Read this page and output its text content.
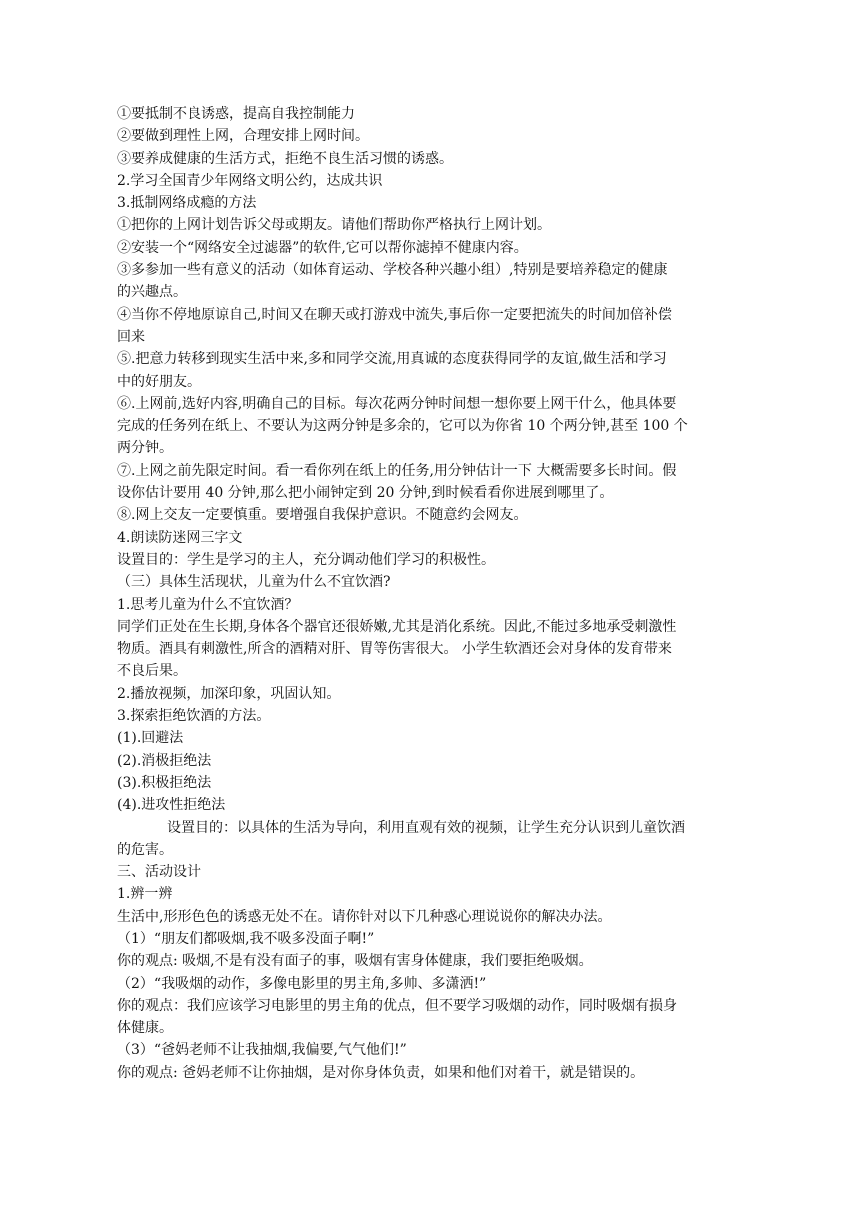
①要抵制不良诱惑，提高自我控制能力
②要做到理性上网，合理安排上网时间。
③要养成健康的生活方式，拒绝不良生活习惯的诱惑。
2.学习全国青少年网络文明公约，达成共识
3.抵制网络成瘾的方法
①把你的上网计划告诉父母或期友。请他们帮助你严格执行上网计划。
②安装一个“网络安全过滤器”的软件,它可以帮你滤掉不健康内容。
③多参加一些有意义的活动（如体育运动、学校各种兴趣小组）,特别是要培养稳定的健康
的兴趣点。
④当你不停地原谅自己,时间又在聊天或打游戏中流失,事后你一定要把流失的时间加倍补偿
回来
⑤.把意力转移到现实生活中来,多和同学交流,用真诚的态度获得同学的友谊,做生活和学习
中的好朋友。
⑥.上网前,选好内容,明确自己的目标。每次花两分钟时间想一想你要上网干什么，他具体要
完成的任务列在纸上、不要认为这两分钟是多余的，它可以为你省 10 个两分钟,甚至 100 个
两分钟。
⑦.上网之前先限定时间。看一看你列在纸上的任务,用分钟估计一下 大概需要多长时间。假
设你估计要用 40 分钟,那么把小闹钟定到 20 分钟,到时候看看你进展到哪里了。
⑧.网上交友一定要慎重。要增强自我保护意识。不随意约会网友。
4.朗读防迷网三字文
设置目的：学生是学习的主人，充分调动他们学习的积极性。
（三）具体生活现状，儿童为什么不宜饮酒?
1.思考儿童为什么不宜饮酒？
同学们正处在生长期,身体各个器官还很娇嫩,尤其是消化系统。因此,不能过多地承受刺激性
物质。酒具有刺激性,所含的酒精对肝、胃等伤害很大。 小学生软酒还会对身体的发育带来
不良后果。
2.播放视频，加深印象，巩固认知。
3.探索拒绝饮酒的方法。
(1).回避法
(2).消极拒绝法
(3).积极拒绝法
(4).进攻性拒绝法
设置目的：以具体的生活为导向，利用直观有效的视频，让学生充分认识到儿童饮酒
的危害。
三、活动设计
1.辨一辨
生活中,形形色色的诱惑无处不在。请你针对以下几种惑心理说说你的解决办法。
（1）“朋友们都吸烟,我不吸多没面子啊!”
你的观点: 吸烟,不是有没有面子的事，吸烟有害身体健康，我们要拒绝吸烟。
（2）“我吸烟的动作，多像电影里的男主角,多帅、多潇洒!”
你的观点：我们应该学习电影里的男主角的优点，但不要学习吸烟的动作，同时吸烟有损身
体健康。
（3）“爸妈老师不让我抽烟,我偏要,气气他们!”
你的观点: 爸妈老师不让你抽烟，是对你身体负责，如果和他们对着干，就是错误的。
